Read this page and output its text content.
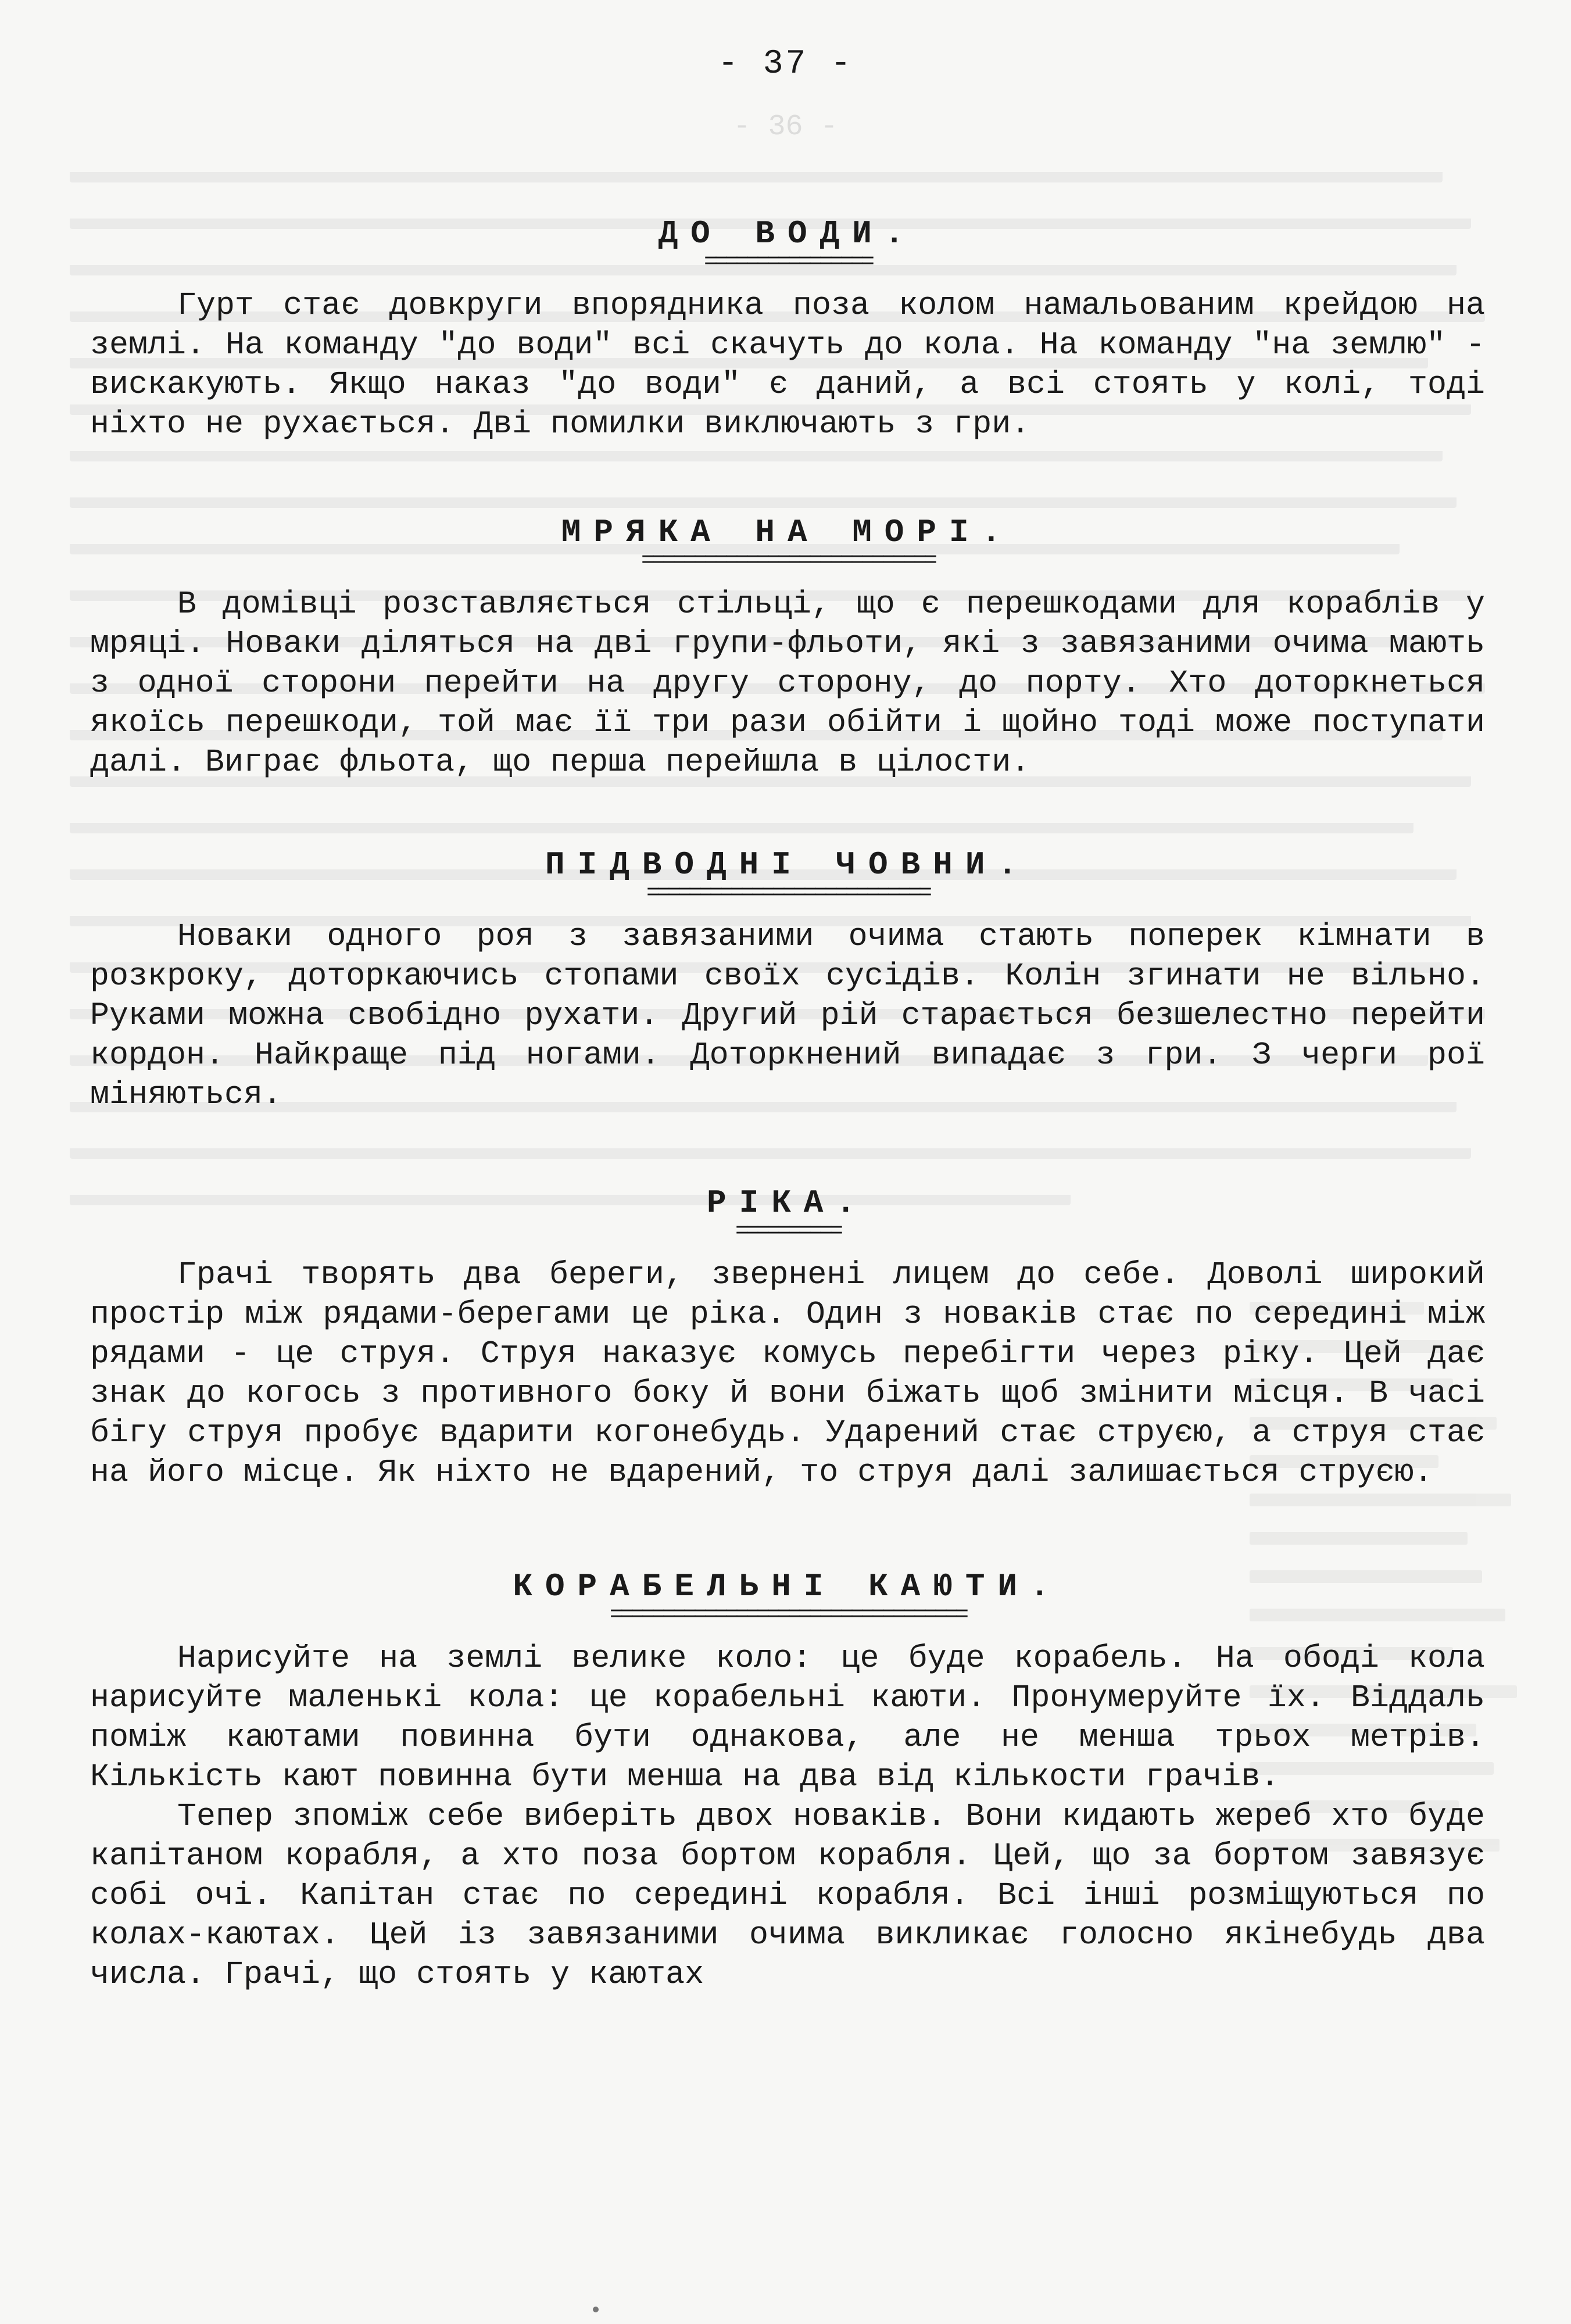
- 37 -
- 36 -
ДО ВОДИ.
================

Гурт стає довкруги впорядника поза колом намальованим крейдою на землі. На команду "до води" всі скачуть до кола. На команду "на землю" - вискакують. Якщо наказ "до води" є даний, а всі стоять у колі, тоді ніхто не рухається. Дві помилки виключають з гри.

МРЯКА НА МОРІ.
============================

В домівці розставляється стільці, що є перешкодами для кораблів у мряці. Новаки діляться на дві групи-фльоти, які з завязаними очима мають з одної сторони перейти на другу сторону, до порту. Хто доторкнеться якоїсь перешкоди, той має її три рази обійти і щойно тоді може поступати далі. Виграє фльота, що перша перейшла в цілости.

ПІДВОДНІ ЧОВНИ.
===========================

Новаки одного роя з завязаними очима стають поперек кімнати в розкроку, доторкаючись стопами своїх сусідів. Колін згинати не вільно. Руками можна свобідно рухати. Другий рій старається безшелестно перейти кордон. Найкраще під ногами. Доторкнений випадає з гри. З черги рої міняються.

РІКА.
==========

Грачі творять два береги, звернені лицем до себе. Доволі широкий простір між рядами-берегами це ріка. Один з новаків стає по середині між рядами - це струя. Струя наказує комусь перебігти через ріку. Цей дає знак до когось з противного боку й вони біжать щоб змінити місця. В часі бігу струя пробує вдарити когонебудь. Ударений стає струєю, а струя стає на його місце. Як ніхто не вдарений, то струя далі залишається струєю.

КОРАБЕЛЬНІ КАЮТИ.
==================================

Нарисуйте на землі велике коло: це буде корабель. На ободі кола нарисуйте маленькі кола: це корабельні каюти. Пронумеруйте їх. Віддаль поміж каютами повинна бути однакова, але не менша трьох метрів. Кількість кают повинна бути менша на два від кількости грачів.

Тепер зпоміж себе виберіть двох новаків. Вони кидають жереб хто буде капітаном корабля, а хто поза бортом корабля. Цей, що за бортом завязує собі очі. Капітан стає по середині корабля. Всі інші розміщуються по колах-каютах. Цей із завязаними очима викликає голосно якінебудь два числа. Грачі, що стоять у каютах
